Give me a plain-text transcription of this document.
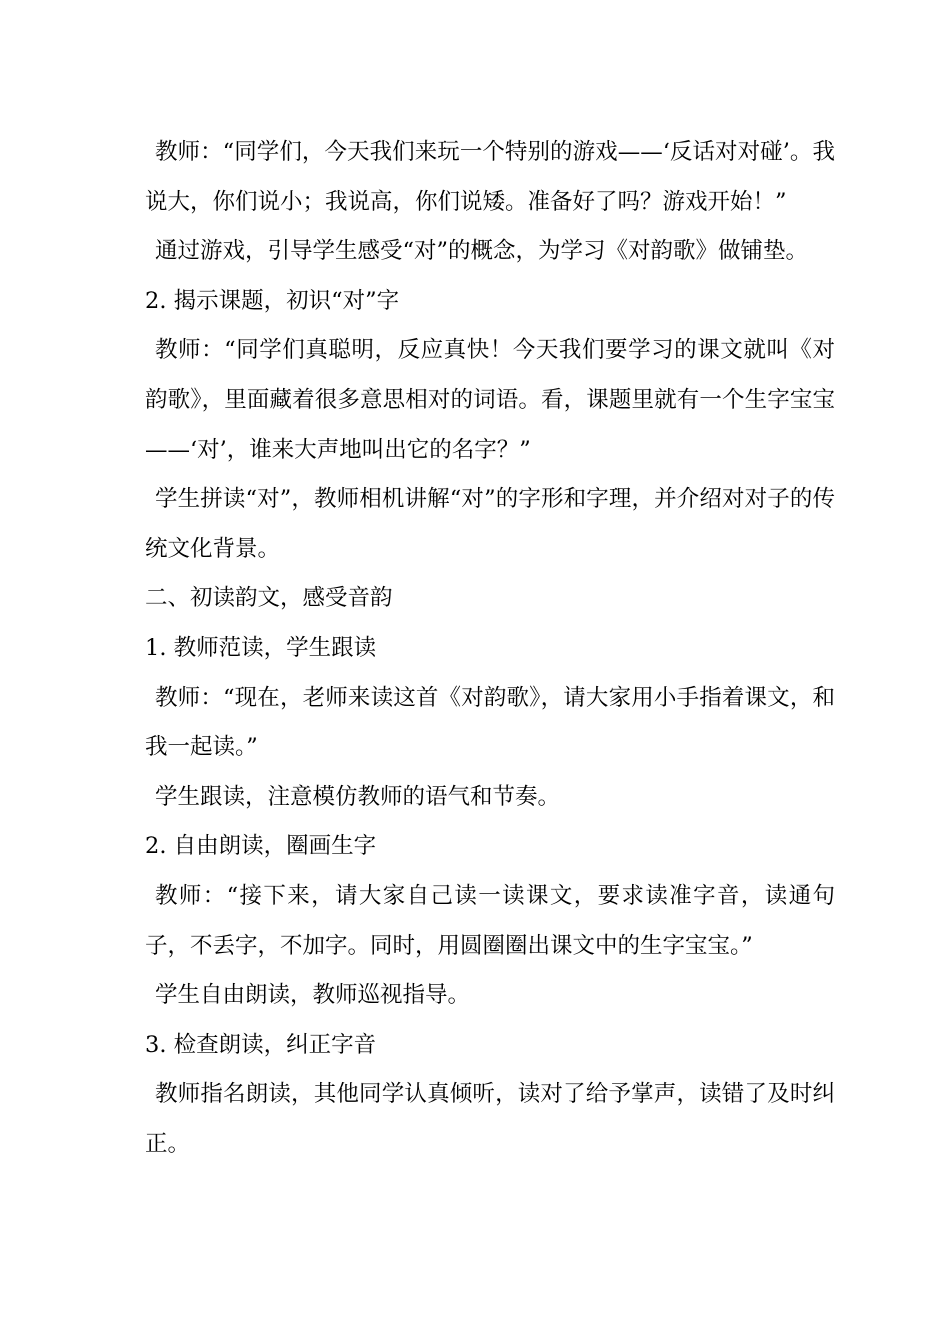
教师：“同学们，今天我们来玩一个特别的游戏——‘反话对对碰’。我说大，你们说小；我说高，你们说矮。准备好了吗？游戏开始！”

通过游戏，引导学生感受“对”的概念，为学习《对韵歌》做铺垫。

2. 揭示课题，初识“对”字

教师：“同学们真聪明，反应真快！今天我们要学习的课文就叫《对韵歌》，里面藏着很多意思相对的词语。看，课题里就有一个生字宝宝——‘对’，谁来大声地叫出它的名字？”

学生拼读“对”，教师相机讲解“对”的字形和字理，并介绍对对子的传统文化背景。

二、初读韵文，感受音韵

1. 教师范读，学生跟读

教师：“现在，老师来读这首《对韵歌》，请大家用小手指着课文，和我一起读。”

学生跟读，注意模仿教师的语气和节奏。

2. 自由朗读，圈画生字

教师：“接下来，请大家自己读一读课文，要求读准字音，读通句子，不丢字，不加字。同时，用圆圈圈出课文中的生字宝宝。”

学生自由朗读，教师巡视指导。

3. 检查朗读，纠正字音

教师指名朗读，其他同学认真倾听，读对了给予掌声，读错了及时纠正。
